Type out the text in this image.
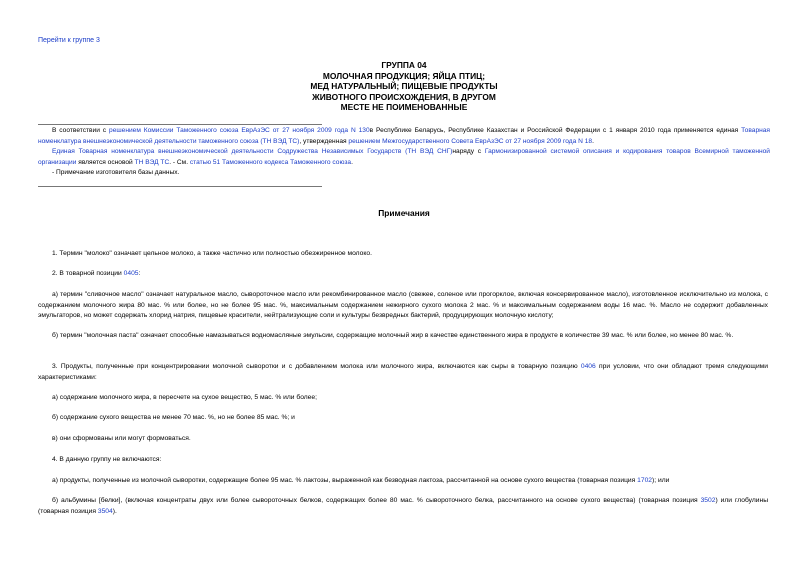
Перейти к группе 3
ГРУППА 04
МОЛОЧНАЯ ПРОДУКЦИЯ; ЯЙЦА ПТИЦ;
МЕД НАТУРАЛЬНЫЙ; ПИЩЕВЫЕ ПРОДУКТЫ
ЖИВОТНОГО ПРОИСХОЖДЕНИЯ, В ДРУГОМ
МЕСТЕ НЕ ПОИМЕНОВАННЫЕ

В соответствии с решением Комиссии Таможенного союза ЕврАзЭС от 27 ноября 2009 года N 130в Республике Беларусь, Республике Казахстан и Российской Федерации с 1 января 2010 года применяется единая Товарная номенклатура внешнеэкономической деятельности таможенного союза (ТН ВЭД ТС), утвержденная решением Межгосударственного Совета ЕврАзЭС от 27 ноября 2009 года N 18.

Единая Товарная номенклатура внешнеэкономической деятельности Содружества Независимых Государств (ТН ВЭД СНГ)наряду с Гармонизированной системой описания и кодирования товаров Всемирной таможенной организации является основой ТН ВЭД ТС. - См. статью 51 Таможенного кодекса Таможенного союза.

- Примечание изготовителя базы данных.

Примечания

1. Термин "молоко" означает цельное молоко, а также частично или полностью обезжиренное молоко.

2. В товарной позиции 0405:

а) термин "сливочное масло" означает натуральное масло, сывороточное масло или рекомбинированное масло (свежее, соленое или прогорклое, включая консервированное масло), изготовленное исключительно из молока, с содержанием молочного жира 80 мас. % или более, но не более 95 мас. %, максимальным содержанием нежирного сухого молока 2 мас. % и максимальным содержанием воды 16 мас. %. Масло не содержит добавленных эмульгаторов, но может содержать хлорид натрия, пищевые красители, нейтрализующие соли и культуры безвредных бактерий, продуцирующих молочную кислоту;

б) термин "молочная паста" означает способные намазываться водномасляные эмульсии, содержащие молочный жир в качестве единственного жира в продукте в количестве 39 мас. % или более, но менее 80 мас. %.

3. Продукты, полученные при концентрировании молочной сыворотки и с добавлением молока или молочного жира, включаются как сыры в товарную позицию 0406 при условии, что они обладают тремя следующими характеристиками:

а) содержание молочного жира, в пересчете на сухое вещество, 5 мас. % или более;

б) содержание сухого вещества не менее 70 мас. %, но не более 85 мас. %; и

в) они сформованы или могут формоваться.

4. В данную группу не включаются:

а) продукты, полученные из молочной сыворотки, содержащие более 95 мас. % лактозы, выраженной как безводная лактоза, рассчитанной на основе сухого вещества (товарная позиция 1702); или

б) альбумины [белки], (включая концентраты двух или более сывороточных белков, содержащих более 80 мас. % сывороточного белка, рассчитанного на основе сухого вещества) (товарная позиция 3502) или глобулины (товарная позиция 3504).
